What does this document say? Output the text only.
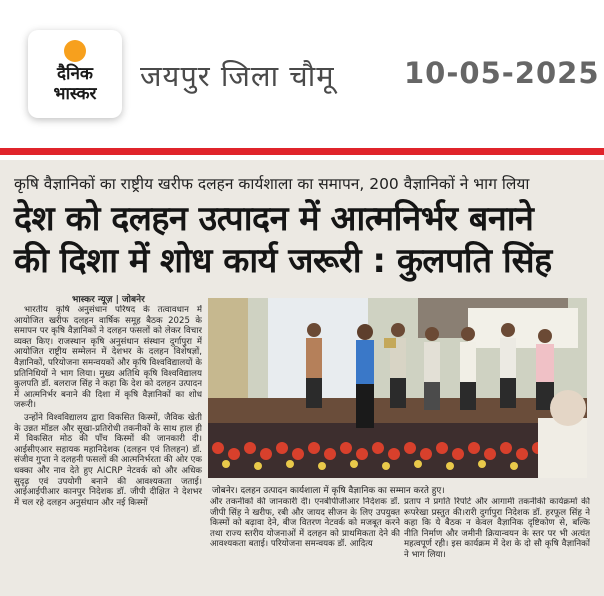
दैनिक
भास्कर
जयपुर जिला चौमू 10-05-2025
कृषि वैज्ञानिकों का राष्ट्रीय खरीफ दलहन कार्यशाला का समापन, 200 वैज्ञानिकों ने भाग लिया
देश को दलहन उत्पादन में आत्मनिर्भर बनाने
की दिशा में शोध कार्य जरूरी : कुलपति सिंह
भास्कर न्यूज़ | जोबनेर

भारतीय कृषि अनुसंधान परिषद के तत्वावधान में आयोजित खरीफ दलहन वार्षिक समूह बैठक 2025 के समापन पर कृषि वैज्ञानिकों ने दलहन फसलों को लेकर विचार व्यक्त किए। राजस्थान कृषि अनुसंधान संस्थान दुर्गापुरा में आयोजित राष्ट्रीय सम्मेलन में देशभर के दलहन विशेषज्ञों, वैज्ञानिकों, परियोजना समन्वयकों और कृषि विश्वविद्यालयों के प्रतिनिधियों ने भाग लिया। मुख्य अतिथि कृषि विश्वविद्यालय कुलपति डॉ. बलराज सिंह ने कहा कि देश को दलहन उत्पादन में आत्मनिर्भर बनाने की दिशा में कृषि वैज्ञानिकों का शोध जरूरी।

उन्होंने विश्वविद्यालय द्वारा विकसित किस्मों, जैविक खेती के उन्नत मॉडल और सूखा-प्रतिरोधी तकनीकों के साथ हाल ही में विकसित मोठ की पाँच किस्मों की जानकारी दी। आईसीएआर सहायक महानिदेशक (दलहन एवं तिलहन) डॉ. संजीव गुप्ता ने दलहनी फसलों की आत्मनिर्भरता की ओर एक धक्का और नाव देते हुए AICRP नेटवर्क को और अधिक सुदृढ़ एवं उपयोगी बनाने की आवश्यकता जताई। आईआईपीआर कानपुर निदेशक डॉ. जीपी दीक्षित ने देशभर में चल रहे दलहन अनुसंधान और नई किस्मों

जोबनेर। दलहन उत्पादन कार्यशाला में कृषि वैज्ञानिक का सम्मान करते हुए।
और तकनीकों की जानकारी दी। एनबीपीजीआर निदेशक डॉ. जीपी सिंह ने खरीफ, रबी और जायद सीजन के लिए उपयुक्त किस्मों को बढ़ावा देने, बीज वितरण नेटवर्क को मजबूत करने तथा राज्य स्तरीय योजनाओं में दलहन को प्राथमिकता देने की आवश्यकता बताई। परियोजना समन्वयक डॉ. आदित्य
प्रताप ने प्रगति रिपोर्ट और आगामी तकनीकी कार्यक्रमों की रूपरेखा प्रस्तुत की।रारी दुर्गापुरा निदेशक डॉ. हरफूल सिंह ने कहा कि ये बैठक न केवल वैज्ञानिक दृष्टिकोण से, बल्कि नीति निर्माण और जमीनी क्रियान्वयन के स्तर पर भी अत्यंत महत्वपूर्ण रही। इस कार्यक्रम में देश के दो सौ कृषि वैज्ञानिकों ने भाग लिया।
